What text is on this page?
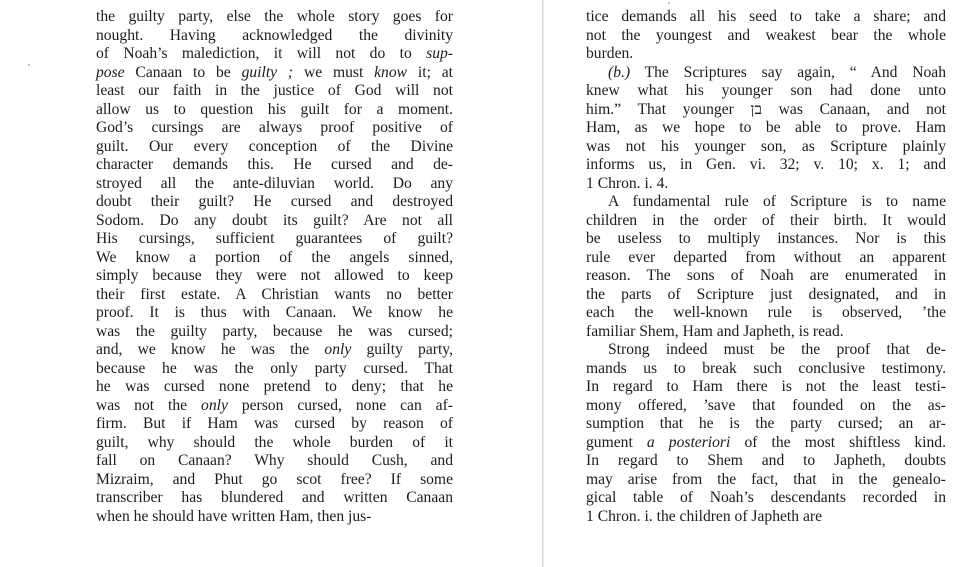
the guilty party, else the whole story goes for
nought. Having acknowledged the divinity
of Noah’s malediction, it will not do to sup-
pose Canaan to be guilty ; we must know it; at
least our faith in the justice of God will not
allow us to question his guilt for a moment.
God’s cursings are always proof positive of
guilt. Our every conception of the Divine
character demands this. He cursed and de-
stroyed all the ante-diluvian world. Do any
doubt their guilt? He cursed and destroyed
Sodom. Do any doubt its guilt? Are not all
His cursings, sufficient guarantees of guilt?
We know a portion of the angels sinned,
simply because they were not allowed to keep
their first estate. A Christian wants no better
proof. It is thus with Canaan. We know he
was the guilty party, because he was cursed;
and, we know he was the only guilty party,
because he was the only party cursed. That
he was cursed none pretend to deny; that he
was not the only person cursed, none can af-
firm. But if Ham was cursed by reason of
guilt, why should the whole burden of it
fall on Canaan? Why should Cush, and
Mizraim, and Phut go scot free? If some
transcriber has blundered and written Canaan
when he should have written Ham, then jus-
tice demands all his seed to take a share; and
not the youngest and weakest bear the whole
burden.
(b.) The Scriptures say again, “ And Noah
knew what his younger son had done unto
him.” That younger בן was Canaan, and not
Ham, as we hope to be able to prove. Ham
was not his younger son, as Scripture plainly
informs us, in Gen. vi. 32; v. 10; x. 1; and
1 Chron. i. 4.
A fundamental rule of Scripture is to name
children in the order of their birth. It would
be useless to multiply instances. Nor is this
rule ever departed from without an apparent
reason. The sons of Noah are enumerated in
the parts of Scripture just designated, and in
each the well-known rule is observed, ’the
familiar Shem, Ham and Japheth, is read.
Strong indeed must be the proof that de-
mands us to break such conclusive testimony.
In regard to Ham there is not the least testi-
mony offered, ’save that founded on the as-
sumption that he is the party cursed; an ar-
gument a posteriori of the most shiftless kind.
In regard to Shem and to Japheth, doubts
may arise from the fact, that in the genealo-
gical table of Noah’s descendants recorded in
1 Chron. i. the children of Japheth are
